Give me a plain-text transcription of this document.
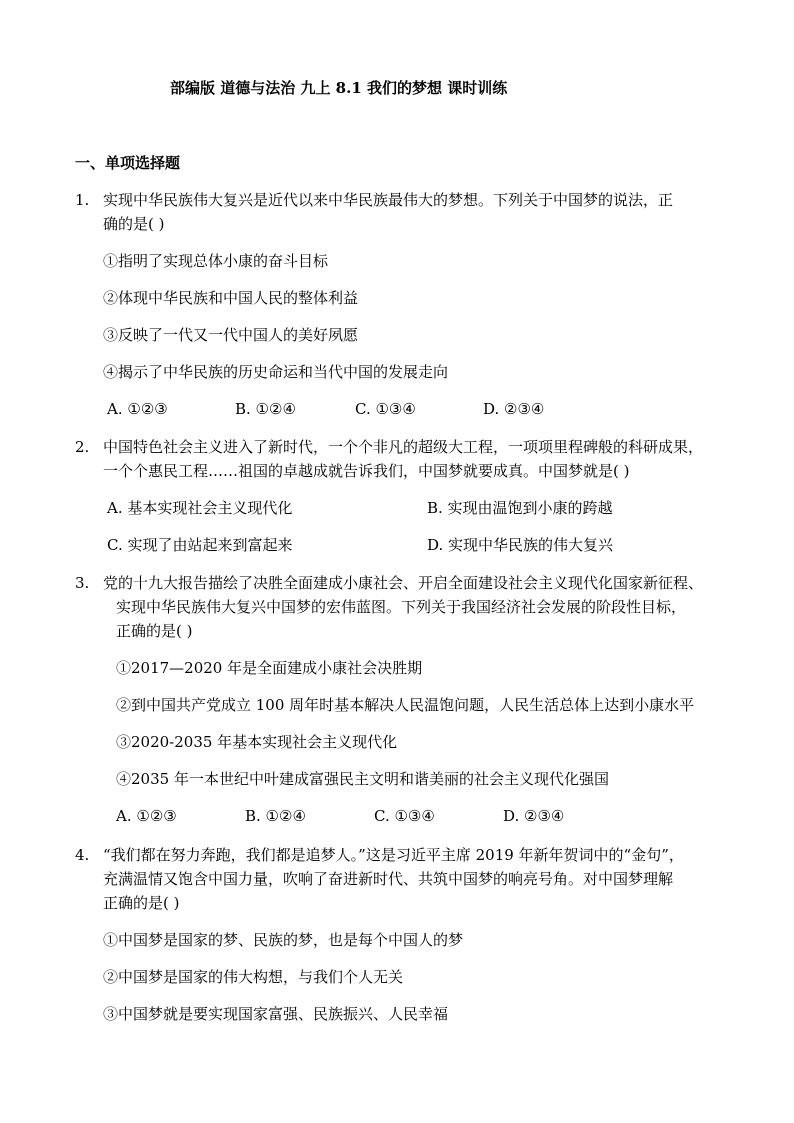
部编版 道德与法治 九上 8.1 我们的梦想 课时训练
一、单项选择题
1. 实现中华民族伟大复兴是近代以来中华民族最伟大的梦想。下列关于中国梦的说法，正
确的是( )
①指明了实现总体小康的奋斗目标
②体现中华民族和中国人民的整体利益
③反映了一代又一代中国人的美好夙愿
④揭示了中华民族的历史命运和当代中国的发展走向
A. ①②③	B. ①②④	C. ①③④	D. ②③④
2. 中国特色社会主义进入了新时代，一个个非凡的超级大工程，一项项里程碑般的科研成果，
一个个惠民工程……祖国的卓越成就告诉我们，中国梦就要成真。中国梦就是( )
A. 基本实现社会主义现代化	B. 实现由温饱到小康的跨越
C. 实现了由站起来到富起来	D. 实现中华民族的伟大复兴
3. 党的十九大报告描绘了决胜全面建成小康社会、开启全面建设社会主义现代化国家新征程、
实现中华民族伟大复兴中国梦的宏伟蓝图。下列关于我国经济社会发展的阶段性目标，
正确的是( )
①2017—2020 年是全面建成小康社会决胜期
②到中国共产党成立 100 周年时基本解决人民温饱问题，人民生活总体上达到小康水平
③2020-2035 年基本实现社会主义现代化
④2035 年一本世纪中叶建成富强民主文明和谐美丽的社会主义现代化强国
A. ①②③	B. ①②④	C. ①③④	D. ②③④
4. “我们都在努力奔跑，我们都是追梦人。”这是习近平主席 2019 年新年贺词中的“金句”，
充满温情又饱含中国力量，吹响了奋进新时代、共筑中国梦的响亮号角。对中国梦理解
正确的是( )
①中国梦是国家的梦、民族的梦，也是每个中国人的梦
②中国梦是国家的伟大构想，与我们个人无关
③中国梦就是要实现国家富强、民族振兴、人民幸福
